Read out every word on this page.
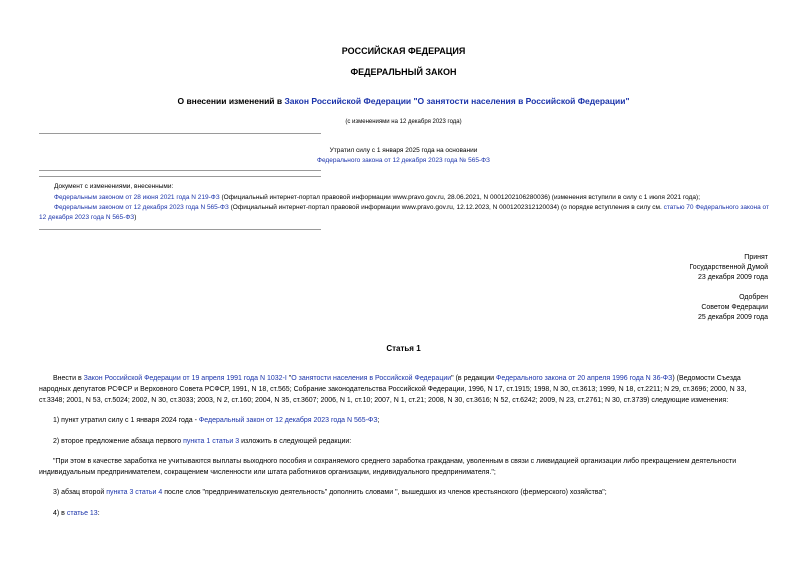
РОССИЙСКАЯ ФЕДЕРАЦИЯ
ФЕДЕРАЛЬНЫЙ ЗАКОН
О внесении изменений в Закон Российской Федерации "О занятости населения в Российской Федерации"
(с изменениями на 12 декабря 2023 года)
Утратил силу с 1 января 2025 года на основании
Федерального закона от 12 декабря 2023 года № 565-ФЗ
Документ с изменениями, внесенными:
Федеральным законом от 28 июня 2021 года N 219-ФЗ (Официальный интернет-портал правовой информации www.pravo.gov.ru, 28.06.2021, N 0001202106280036) (изменения вступили в силу с 1 июля 2021 года);
Федеральным законом от 12 декабря 2023 года N 565-ФЗ (Официальный интернет-портал правовой информации www.pravo.gov.ru, 12.12.2023, N 0001202312120034) (о порядке вступления в силу см. статью 70 Федерального закона от 12 декабря 2023 года N 565-ФЗ)
Принят
Государственной Думой
23 декабря 2009 года
Одобрен
Советом Федерации
25 декабря 2009 года
Статья 1
Внести в Закон Российской Федерации от 19 апреля 1991 года N 1032-I "О занятости населения в Российской Федерации" (в редакции Федерального закона от 20 апреля 1996 года N 36-ФЗ) (Ведомости Съезда народных депутатов РСФСР и Верховного Совета РСФСР, 1991, N 18, ст.565; Собрание законодательства Российской Федерации, 1996, N 17, ст.1915; 1998, N 30, ст.3613; 1999, N 18, ст.2211; N 29, ст.3696; 2000, N 33, ст.3348; 2001, N 53, ст.5024; 2002, N 30, ст.3033; 2003, N 2, ст.160; 2004, N 35, ст.3607; 2006, N 1, ст.10; 2007, N 1, ст.21; 2008, N 30, ст.3616; N 52, ст.6242; 2009, N 23, ст.2761; N 30, ст.3739) следующие изменения:
1) пункт утратил силу с 1 января 2024 года - Федеральный закон от 12 декабря 2023 года N 565-ФЗ;
2) второе предложение абзаца первого пункта 1 статьи 3 изложить в следующей редакции:
"При этом в качестве заработка не учитываются выплаты выходного пособия и сохраняемого среднего заработка гражданам, уволенным в связи с ликвидацией организации либо прекращением деятельности индивидуальным предпринимателем, сокращением численности или штата работников организации, индивидуального предпринимателя.";
3) абзац второй пункта 3 статьи 4 после слов "предпринимательскую деятельность" дополнить словами ", вышедших из членов крестьянского (фермерского) хозяйства";
4) в статье 13:
